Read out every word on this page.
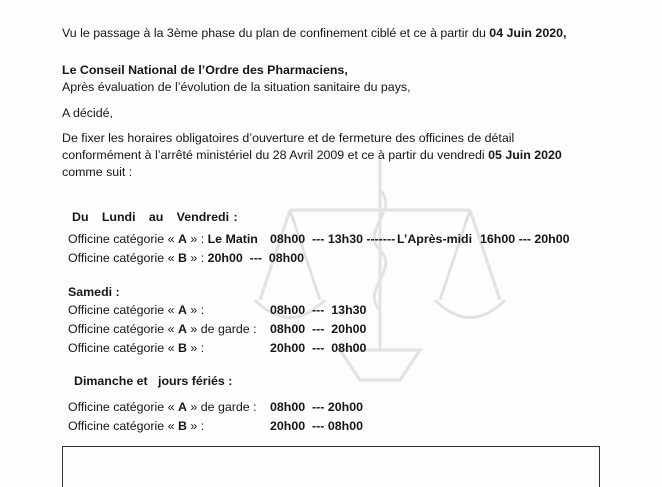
Vu le passage à la 3ème phase du plan de confinement ciblé et ce à partir du 04 Juin 2020,
Le Conseil National de l’Ordre des Pharmaciens,
Après évaluation de l’évolution de la situation sanitaire du pays,
A décidé,
De fixer les horaires obligatoires d’ouverture et de fermeture des officines de détail
conformément à l’arrêté ministériel du 28 Avril 2009 et ce à partir du vendredi 05 Juin 2020
comme suit :
Du   Lundi   au   Vendredi :
Officine catégorie « A » : Le Matin 08h00  --- 13h30 ------- L’Après-midi 16h00 --- 20h00
Officine catégorie « B » : 20h00  ---  08h00
Samedi :
Officine catégorie « A » :	08h00  ---  13h30
Officine catégorie « A » de garde : 08h00  ---  20h00
Officine catégorie « B » :	20h00  ---  08h00
Dimanche et   jours fériés :
Officine catégorie « A » de garde : 08h00  --- 20h00
Officine catégorie « B » :	20h00  --- 08h00
